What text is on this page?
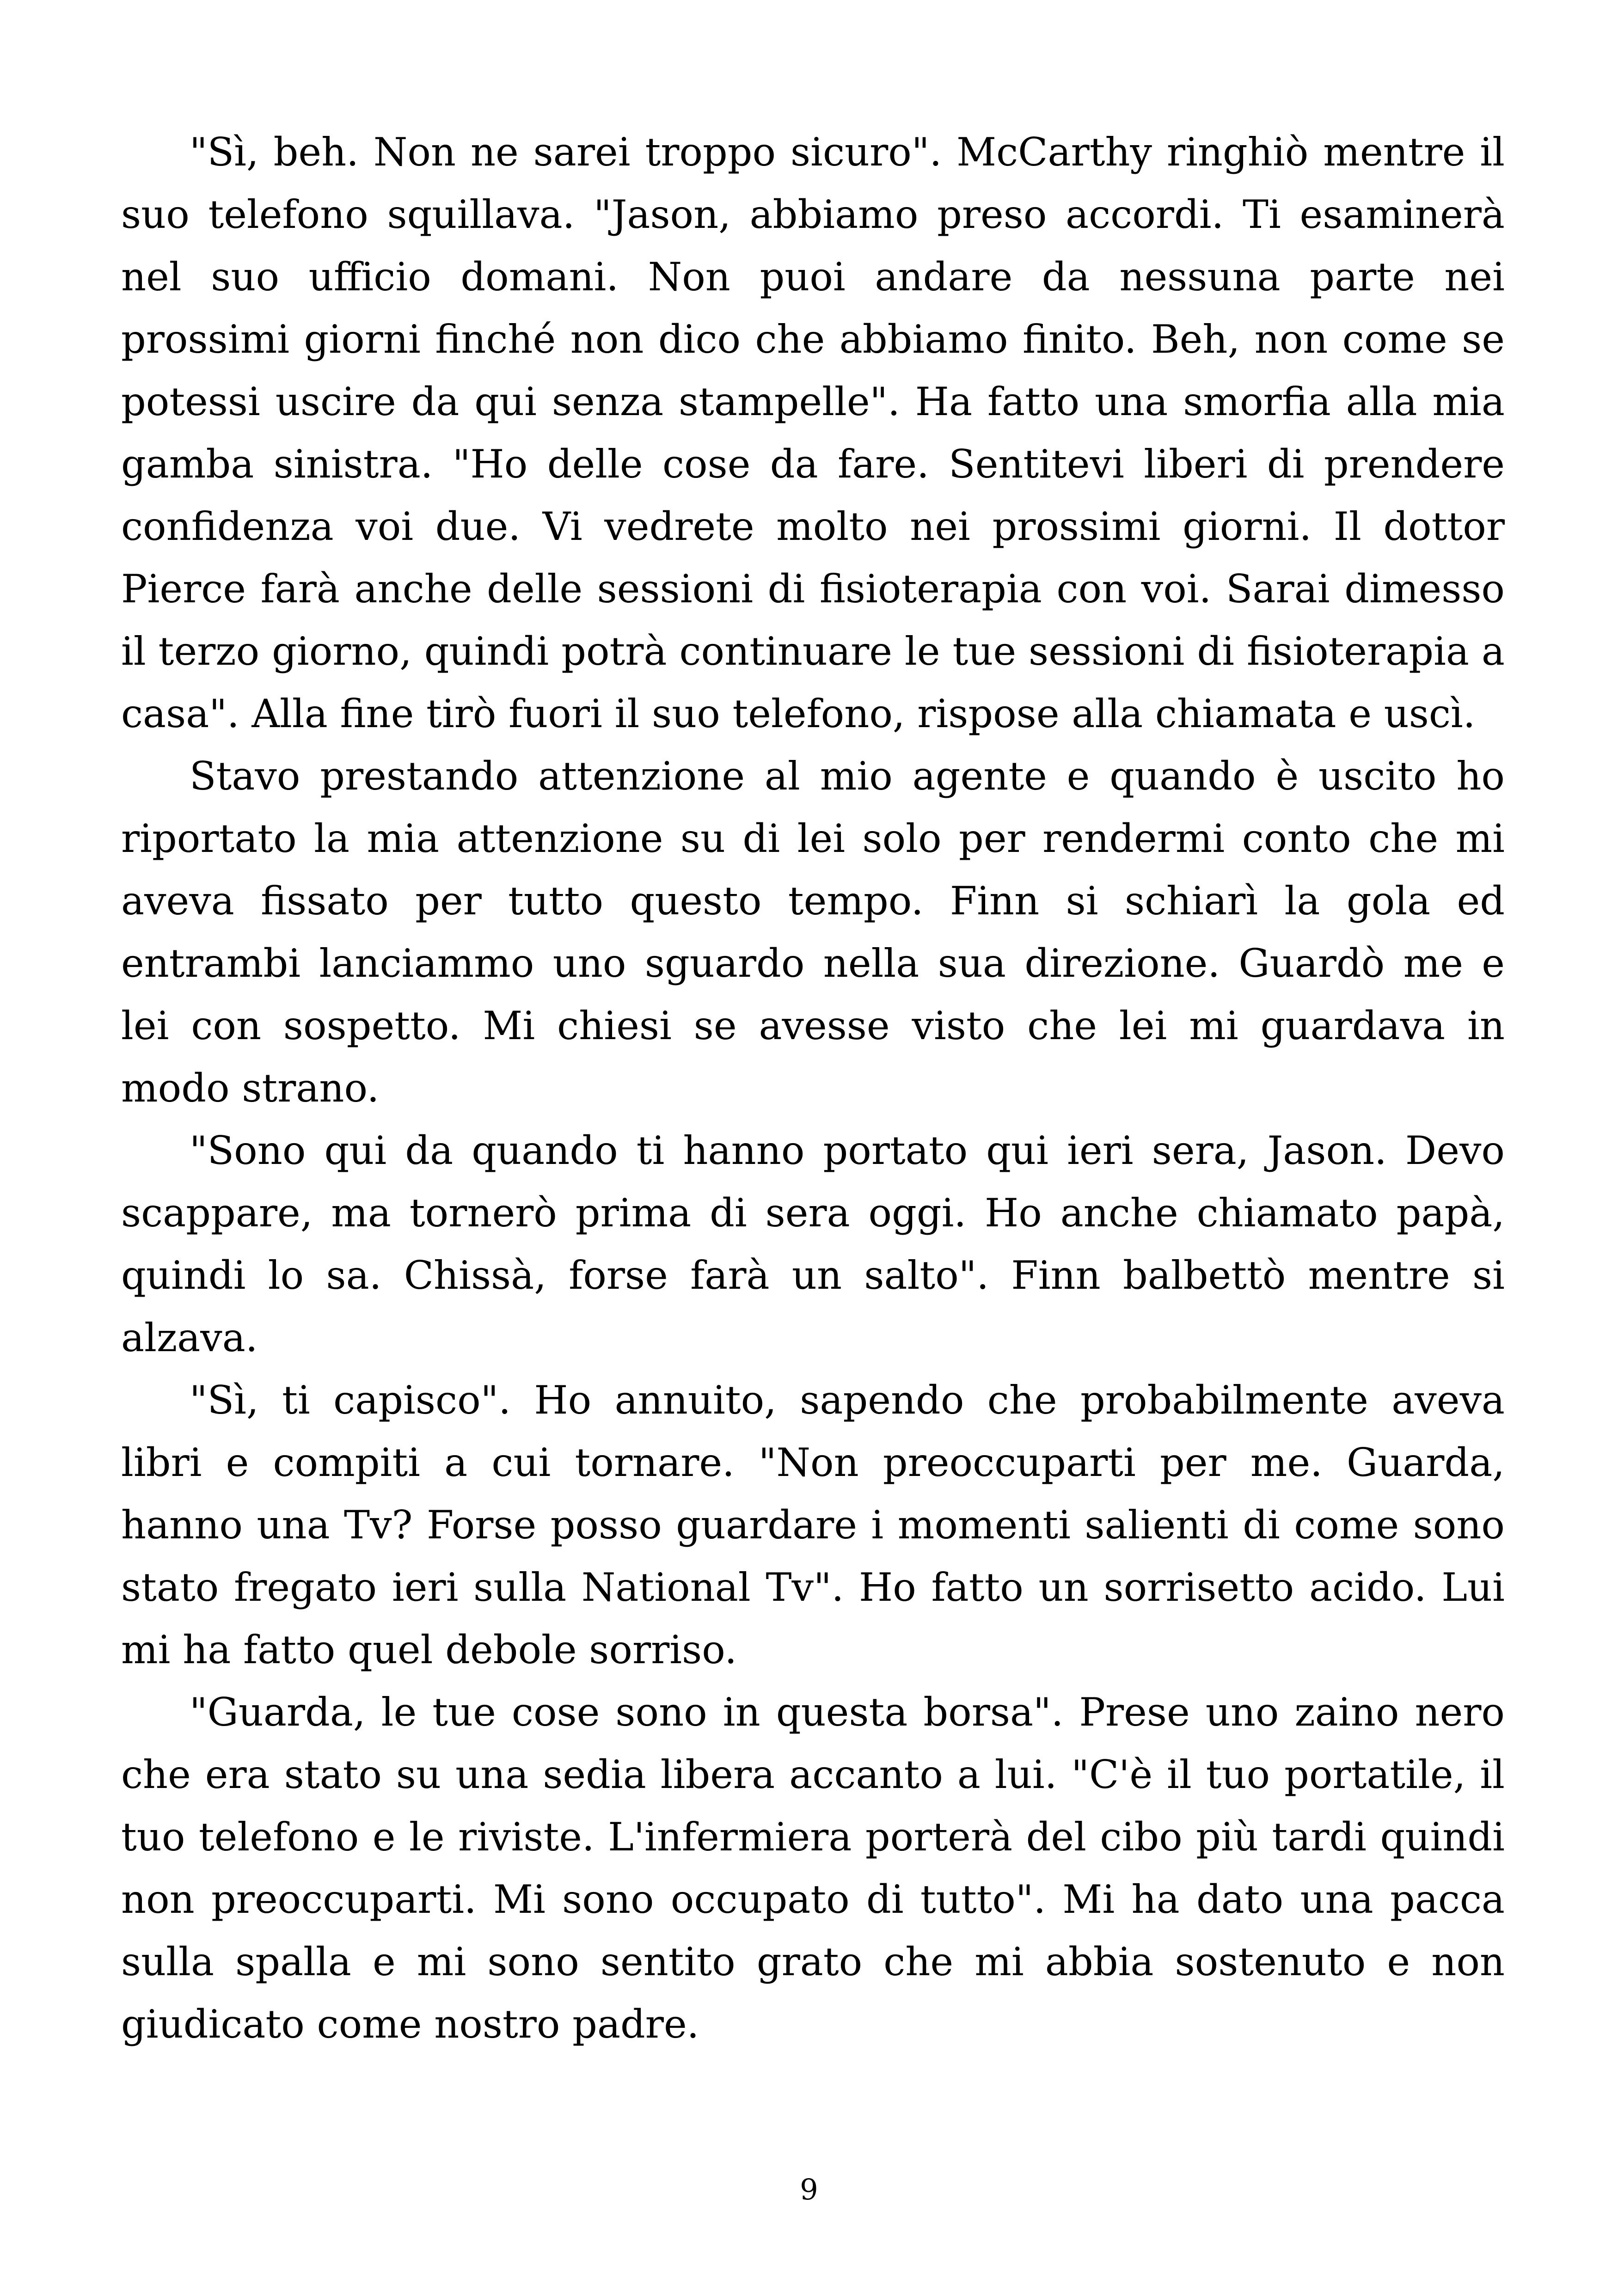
"Sì, beh. Non ne sarei troppo sicuro". McCarthy ringhiò mentre il suo telefono squillava. "Jason, abbiamo preso accordi. Ti esaminerà nel suo ufficio domani. Non puoi andare da nessuna parte nei prossimi giorni finché non dico che abbiamo finito. Beh, non come se potessi uscire da qui senza stampelle". Ha fatto una smorfia alla mia gamba sinistra. "Ho delle cose da fare. Sentitevi liberi di prendere confidenza voi due. Vi vedrete molto nei prossimi giorni. Il dottor Pierce farà anche delle sessioni di fisioterapia con voi. Sarai dimesso il terzo giorno, quindi potrà continuare le tue sessioni di fisioterapia a casa". Alla fine tirò fuori il suo telefono, rispose alla chiamata e uscì.

Stavo prestando attenzione al mio agente e quando è uscito ho riportato la mia attenzione su di lei solo per rendermi conto che mi aveva fissato per tutto questo tempo. Finn si schiarì la gola ed entrambi lanciammo uno sguardo nella sua direzione. Guardò me e lei con sospetto. Mi chiesi se avesse visto che lei mi guardava in modo strano.

"Sono qui da quando ti hanno portato qui ieri sera, Jason. Devo scappare, ma tornerò prima di sera oggi. Ho anche chiamato papà, quindi lo sa. Chissà, forse farà un salto". Finn balbettò mentre si alzava.

"Sì, ti capisco". Ho annuito, sapendo che probabilmente aveva libri e compiti a cui tornare. "Non preoccuparti per me. Guarda, hanno una Tv? Forse posso guardare i momenti salienti di come sono stato fregato ieri sulla National Tv". Ho fatto un sorrisetto acido. Lui mi ha fatto quel debole sorriso.

"Guarda, le tue cose sono in questa borsa". Prese uno zaino nero che era stato su una sedia libera accanto a lui. "C'è il tuo portatile, il tuo telefono e le riviste. L'infermiera porterà del cibo più tardi quindi non preoccuparti. Mi sono occupato di tutto". Mi ha dato una pacca sulla spalla e mi sono sentito grato che mi abbia sostenuto e non giudicato come nostro padre.

9
